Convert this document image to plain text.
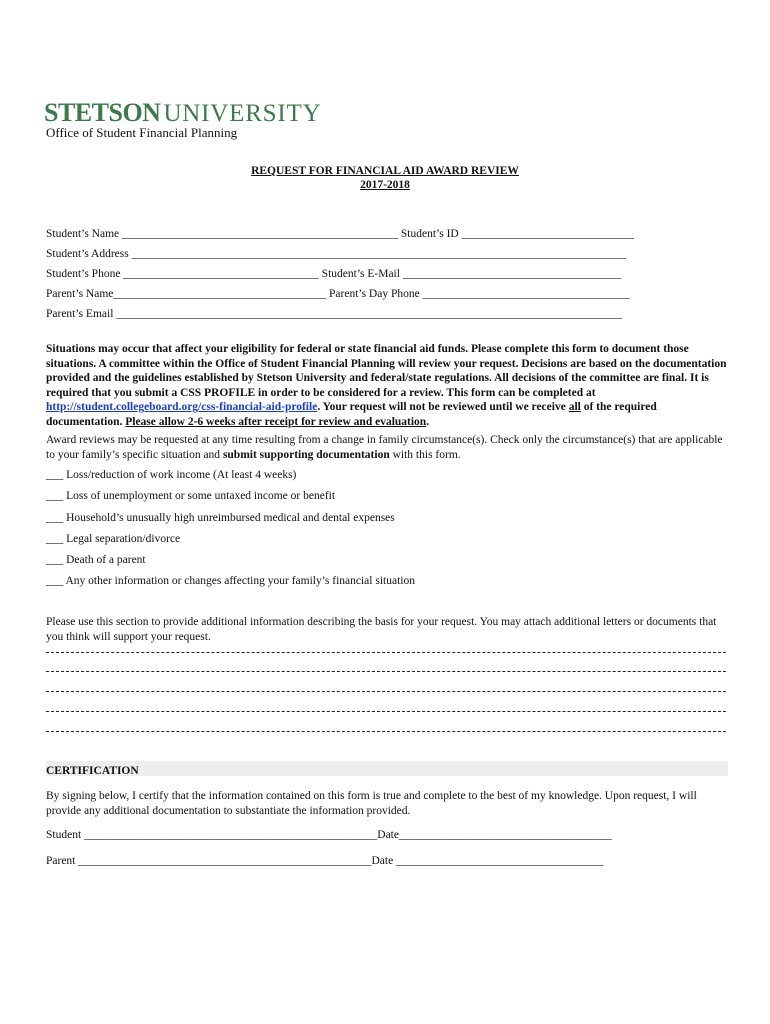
STETSON UNIVERSITY
Office of Student Financial Planning
REQUEST FOR FINANCIAL AID AWARD REVIEW
2017-2018
Student’s Name ________________________________________________ Student’s ID ______________________________
Student’s Address ______________________________________________________________________________________
Student’s Phone __________________________________ Student’s E-Mail ______________________________________
Parent’s Name_____________________________________ Parent’s Day Phone ____________________________________
Parent’s Email ________________________________________________________________________________________
Situations may occur that affect your eligibility for federal or state financial aid funds. Please complete this form to document those situations. A committee within the Office of Student Financial Planning will review your request. Decisions are based on the documentation provided and the guidelines established by Stetson University and federal/state regulations. All decisions of the committee are final. It is required that you submit a CSS PROFILE in order to be considered for a review. This form can be completed at http://student.collegeboard.org/css-financial-aid-profile. Your request will not be reviewed until we receive all of the required documentation. Please allow 2-6 weeks after receipt for review and evaluation.
Award reviews may be requested at any time resulting from a change in family circumstance(s). Check only the circumstance(s) that are applicable to your family’s specific situation and submit supporting documentation with this form.
___ Loss/reduction of work income (At least 4 weeks)
___ Loss of unemployment or some untaxed income or benefit
___ Household’s unusually high unreimbursed medical and dental expenses
___ Legal separation/divorce
___ Death of a parent
___ Any other information or changes affecting your family’s financial situation
Please use this section to provide additional information describing the basis for your request. You may attach additional letters or documents that you think will support your request.
CERTIFICATION
By signing below, I certify that the information contained on this form is true and complete to the best of my knowledge. Upon request, I will provide any additional documentation to substantiate the information provided.
Student ___________________________________________________Date_____________________________________
Parent ___________________________________________________Date ____________________________________
